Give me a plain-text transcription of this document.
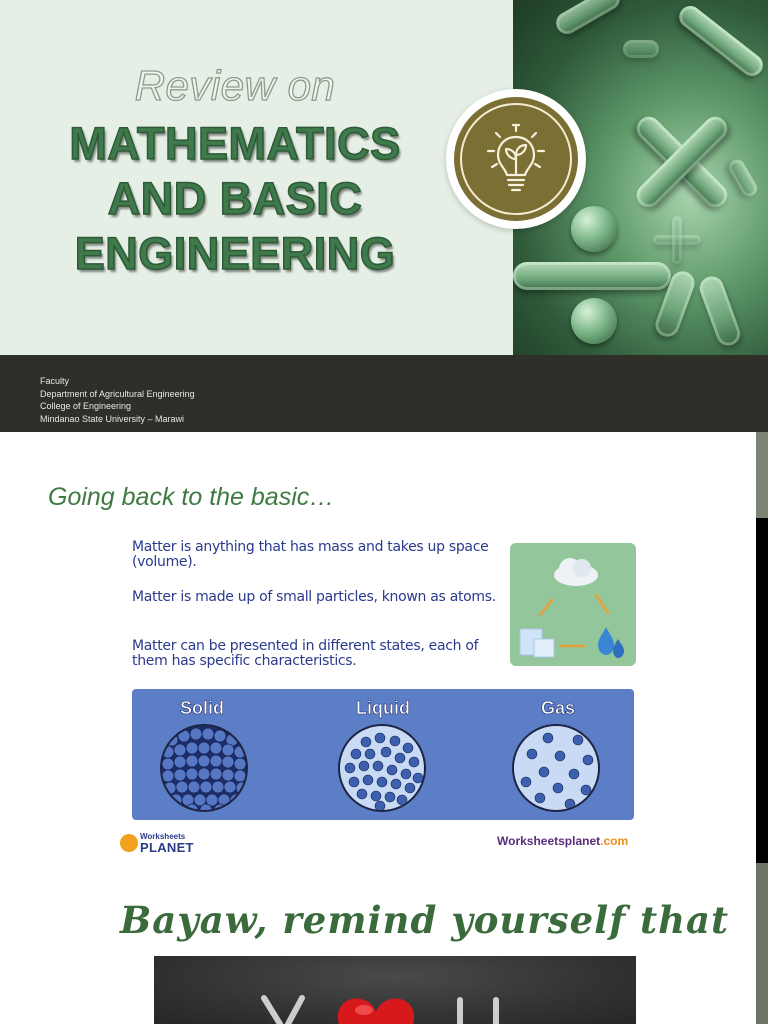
Review on
MATHEMATICS
AND BASIC
ENGINEERING
Faculty
Department of Agricultural Engineering
College of Engineering
Mindanao State University – Marawi
Going back to the basic…
Matter is anything that has mass and takes up space (volume).
Matter is made up of small particles, known as atoms.
Matter can be presented in different states, each of them has specific characteristics.
Solid	Liquid	Gas
Worksheets
PLANET	Worksheetsplanet.com
Bayaw, remind yourself that
